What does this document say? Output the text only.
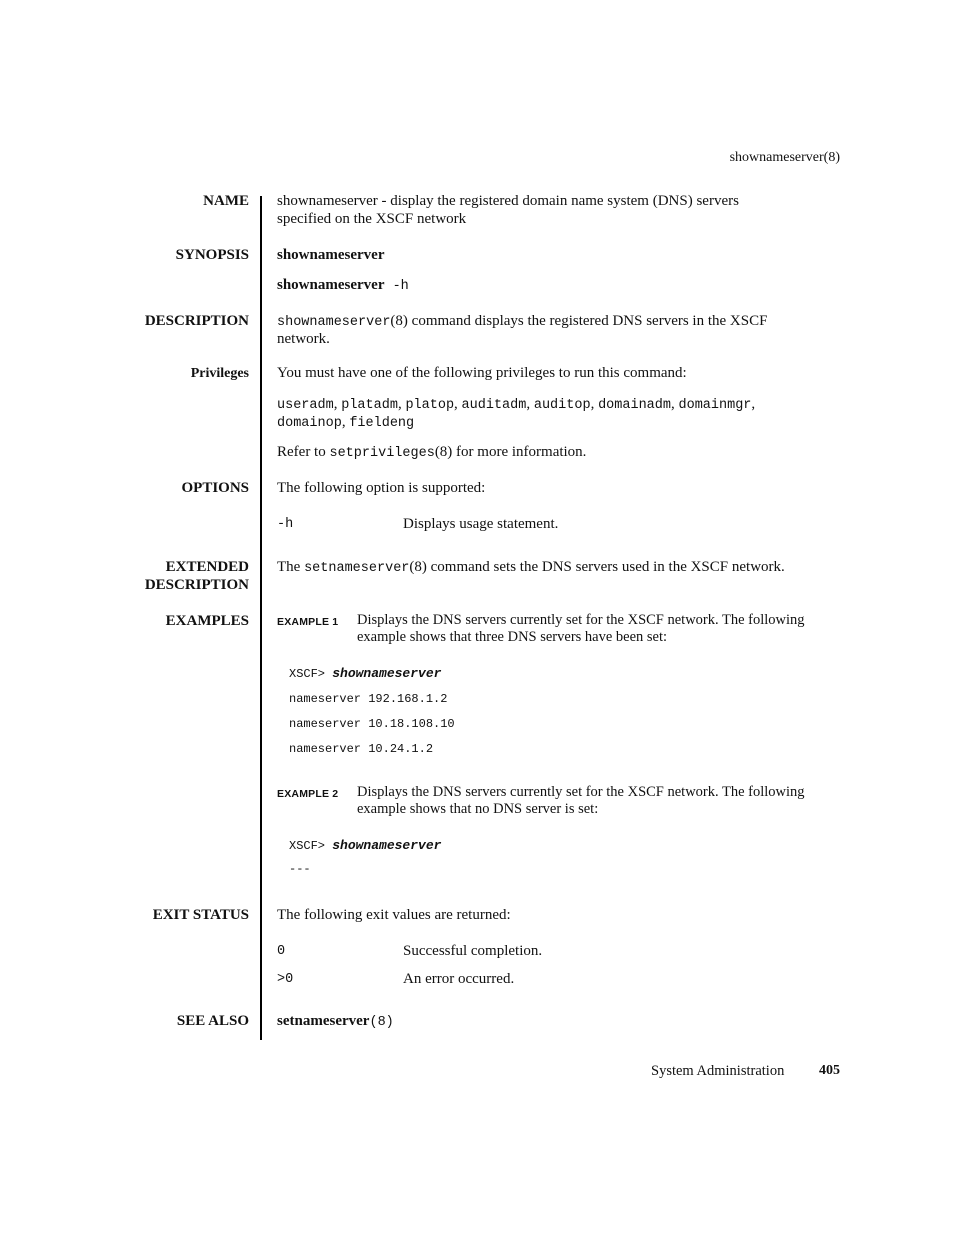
shownameserver(8)
NAME shownameserver - display the registered domain name system (DNS) servers
specified on the XSCF network
SYNOPSIS shownameserver
shownameserver -h
DESCRIPTION shownameserver(8) command displays the registered DNS servers in the XSCF
network.
Privileges You must have one of the following privileges to run this command:
useradm, platadm, platop, auditadm, auditop, domainadm, domainmgr,
domainop, fieldeng
Refer to setprivileges(8) for more information.
OPTIONS The following option is supported:
-h	Displays usage statement.
EXTENDED
DESCRIPTION
The setnameserver(8) command sets the DNS servers used in the XSCF network.
EXAMPLES	EXAMPLE 1 Displays the DNS servers currently set for the XSCF network. The following
example shows that three DNS servers have been set:
XSCF> shownameserver
nameserver 192.168.1.2
nameserver 10.18.108.10
nameserver 10.24.1.2
EXAMPLE 2 Displays the DNS servers currently set for the XSCF network. The following
example shows that no DNS server is set:
XSCF> shownameserver
---
EXIT STATUS The following exit values are returned:
0	Successful completion.
>0	An error occurred.
SEE ALSO setnameserver(8)
System Administration 405
